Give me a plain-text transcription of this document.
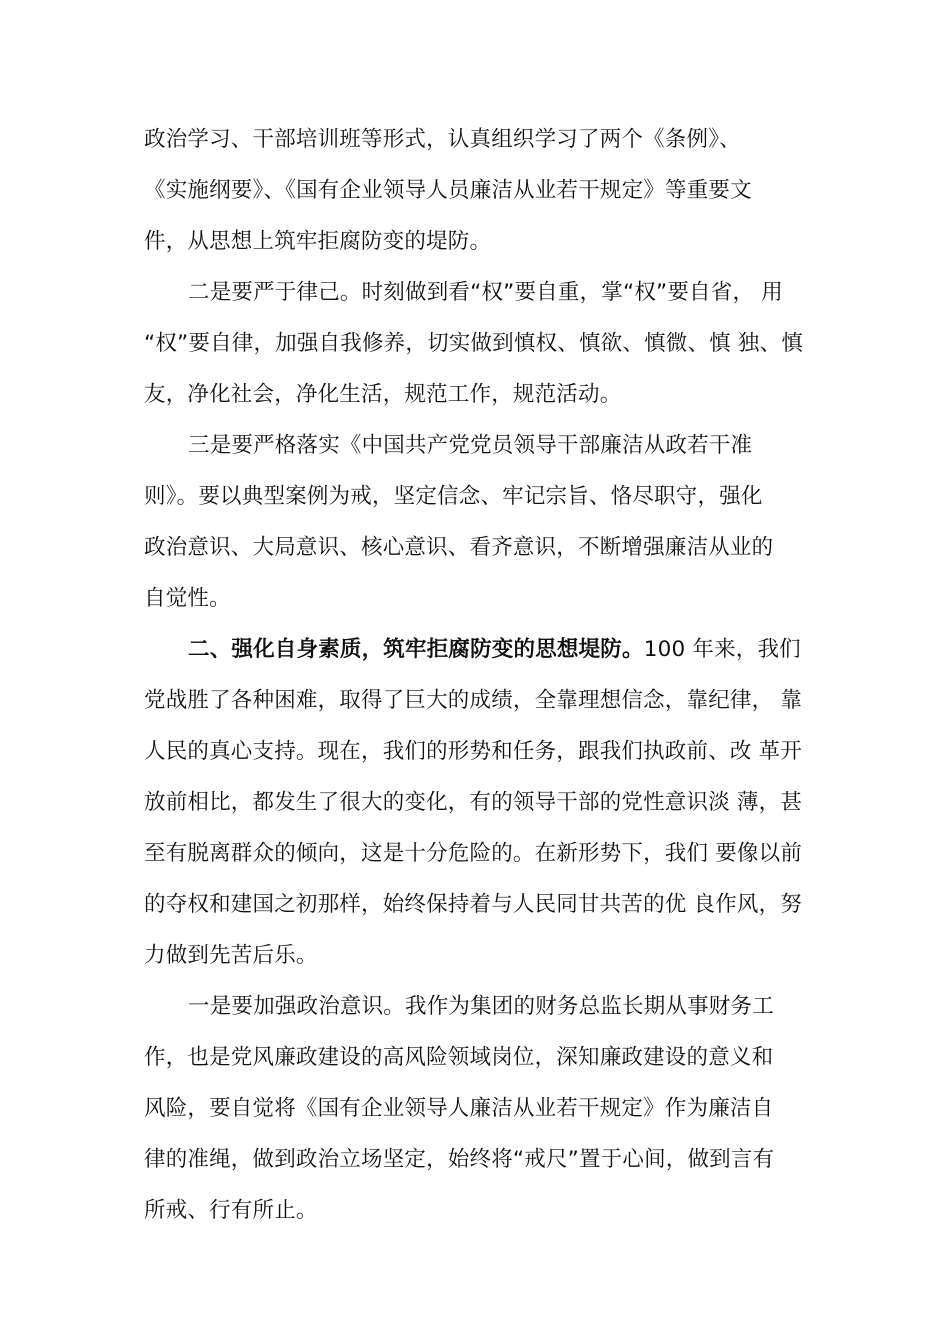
政治学习、干部培训班等形式，认真组织学习了两个《条例》、
《实施纲要》、《国有企业领导人员廉洁从业若干规定》等重要文
件，从思想上筑牢拒腐防变的堤防。
二是要严于律己。时刻做到看“权”要自重，掌“权”要自省， 用
“权”要自律，加强自我修养，切实做到慎权、慎欲、慎微、慎 独、慎
友，净化社会，净化生活，规范工作，规范活动。
三是要严格落实《中国共产党党员领导干部廉洁从政若干准
则》。要以典型案例为戒，坚定信念、牢记宗旨、恪尽职守，强化
政治意识、大局意识、核心意识、看齐意识，不断增强廉洁从业的
自觉性。
二、强化自身素质，筑牢拒腐防变的思想堤防。100 年来，我们
党战胜了各种困难，取得了巨大的成绩，全靠理想信念，靠纪律， 靠
人民的真心支持。现在，我们的形势和任务，跟我们执政前、改 革开
放前相比，都发生了很大的变化，有的领导干部的党性意识淡 薄，甚
至有脱离群众的倾向，这是十分危险的。在新形势下，我们 要像以前
的夺权和建国之初那样，始终保持着与人民同甘共苦的优 良作风，努
力做到先苦后乐。
一是要加强政治意识。我作为集团的财务总监长期从事财务工
作，也是党风廉政建设的高风险领域岗位，深知廉政建设的意义和
风险，要自觉将《国有企业领导人廉洁从业若干规定》作为廉洁自
律的准绳，做到政治立场坚定，始终将“戒尺”置于心间，做到言有
所戒、行有所止。
